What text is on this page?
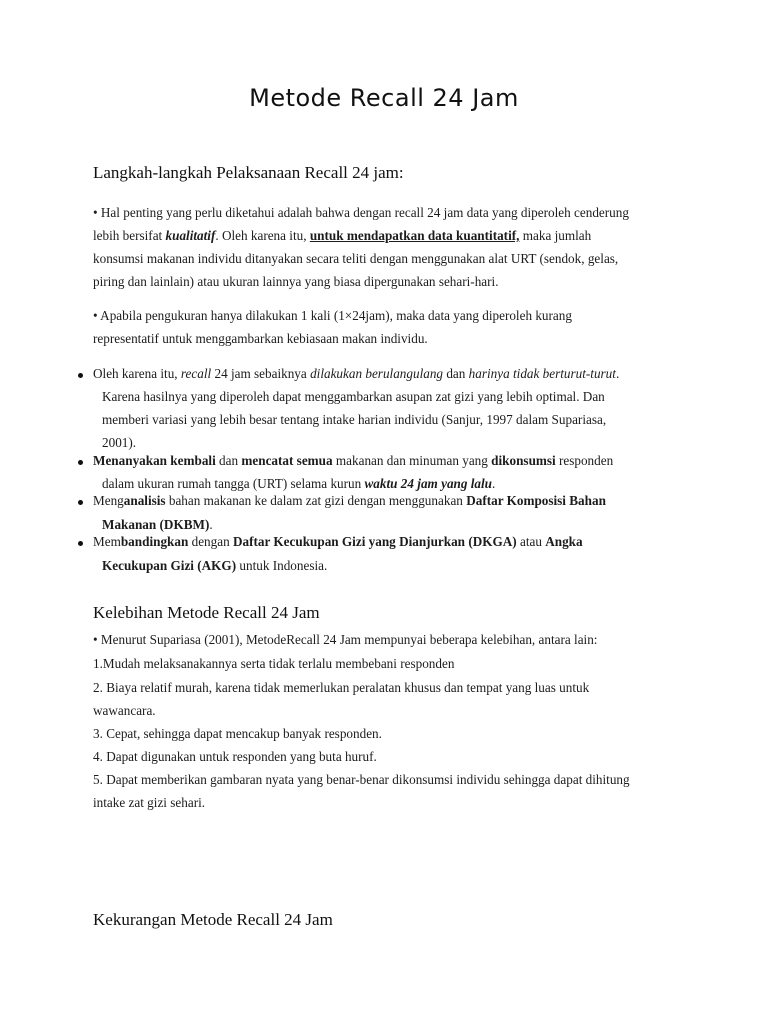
Metode Recall 24 Jam
Langkah-langkah Pelaksanaan Recall 24 jam:
• Hal penting yang perlu diketahui adalah bahwa dengan recall 24 jam data yang diperoleh cenderung
lebih bersifat kualitatif. Oleh karena itu, untuk mendapatkan data kuantitatif, maka jumlah
konsumsi makanan individu ditanyakan secara teliti dengan menggunakan alat URT (sendok, gelas,
piring dan lainlain) atau ukuran lainnya yang biasa dipergunakan sehari-hari.
• Apabila pengukuran hanya dilakukan 1 kali (1×24jam), maka data yang diperoleh kurang
representatif untuk menggambarkan kebiasaan makan individu.
Oleh karena itu, recall 24 jam sebaiknya dilakukan berulangulang dan harinya tidak berturut-turut.
Karena hasilnya yang diperoleh dapat menggambarkan asupan zat gizi yang lebih optimal. Dan
memberi variasi yang lebih besar tentang intake harian individu (Sanjur, 1997 dalam Supariasa,
2001).
Menanyakan kembali dan mencatat semua makanan dan minuman yang dikonsumsi responden
dalam ukuran rumah tangga (URT) selama kurun waktu 24 jam yang lalu.
Menganalisis bahan makanan ke dalam zat gizi dengan menggunakan Daftar Komposisi Bahan
Makanan (DKBM).
Membandingkan dengan Daftar Kecukupan Gizi yang Dianjurkan (DKGA) atau Angka
Kecukupan Gizi (AKG) untuk Indonesia.
Kelebihan Metode Recall 24 Jam
• Menurut Supariasa (2001), MetodeRecall 24 Jam mempunyai beberapa kelebihan, antara lain:
1.Mudah melaksanakannya serta tidak terlalu membebani responden
2. Biaya relatif murah, karena tidak memerlukan peralatan khusus dan tempat yang luas untuk
wawancara.
3. Cepat, sehingga dapat mencakup banyak responden.
4. Dapat digunakan untuk responden yang buta huruf.
5. Dapat memberikan gambaran nyata yang benar-benar dikonsumsi individu sehingga dapat dihitung
intake zat gizi sehari.
Kekurangan Metode Recall 24 Jam
